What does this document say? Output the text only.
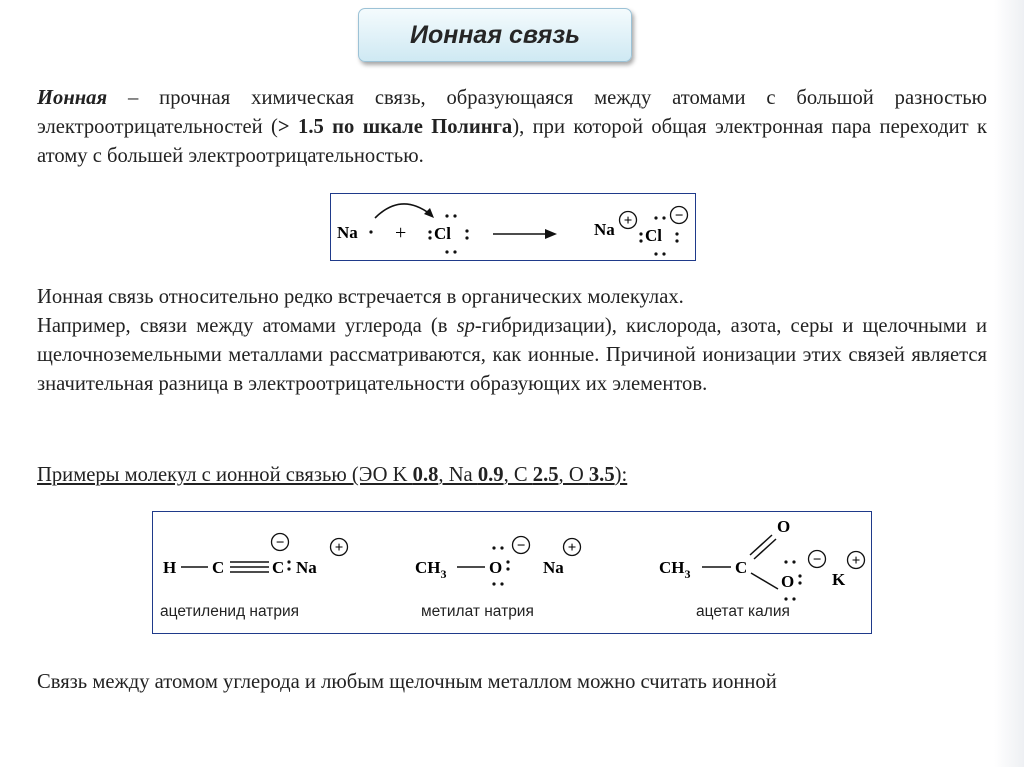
Ионная связь
Ионная – прочная химическая связь, образующаяся между атомами с большой разностью электроотрицательностей (> 1.5 по шкале Полинга), при которой общая электронная пара переходит к атому с большей электроотрицательностью.
Na + Cl	Na +
Cl
−
Ионная связь относительно редко встречается в органических молекулах.
Например, связи между атомами углерода (в sp-гибридизации), кислорода, азота, серы и щелочными и щелочноземельными металлами рассматриваются, как ионные. Причиной ионизации этих связей является значительная разница в электроотрицательности образующих их элементов.
Примеры молекул с ионной связью (ЭО K 0.8, Na 0.9, C 2.5, O 3.5):
H C	C
−
Na
+
$CH_3$	O
−
Na
+
$CH_3$	C
O
O
−
K
+
ацетиленид натрия	метилат натрия	ацетат калия
Связь между атомом углерода и любым щелочным металлом можно считать ионной
